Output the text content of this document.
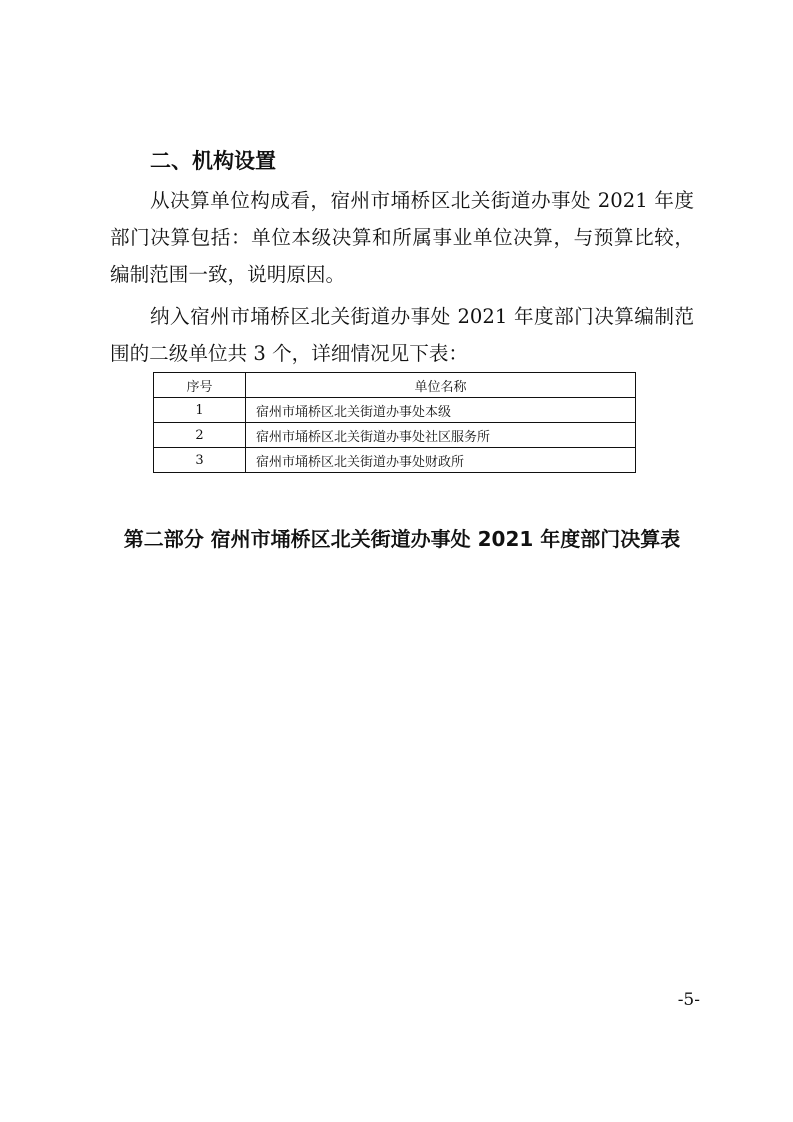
二、机构设置

从决算单位构成看，宿州市埇桥区北关街道办事处 2021 年度部门决算包括：单位本级决算和所属事业单位决算，与预算比较，编制范围一致，说明原因。

纳入宿州市埇桥区北关街道办事处 2021 年度部门决算编制范围的二级单位共 3 个，详细情况见下表：

序号	单位名称
1	宿州市埇桥区北关街道办事处本级
2	宿州市埇桥区北关街道办事处社区服务所
3	宿州市埇桥区北关街道办事处财政所
第二部分 宿州市埇桥区北关街道办事处 2021 年度部门决算表

-5-
